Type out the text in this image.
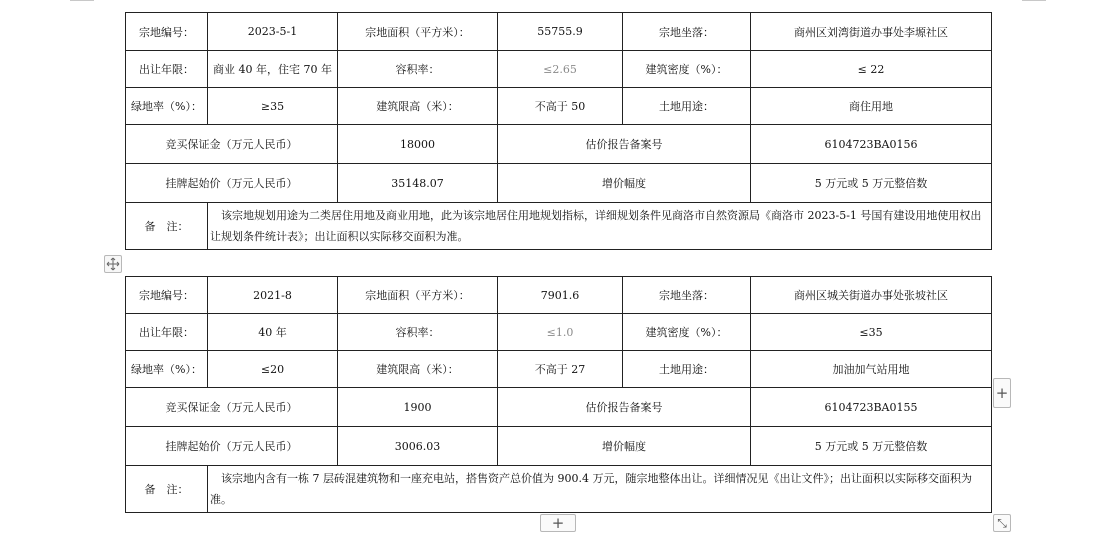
宗地编号：	2023-5-1	宗地面积（平方米）：	55755.9	宗地坐落：	商州区刘湾街道办事处李塬社区
出让年限：	商业 40 年，住宅 70 年	容积率：	≤2.65	建筑密度（%）：	≤ 22
绿地率（%）：	≥35	建筑限高（米）：	不高于 50	土地用途：	商住用地
竞买保证金（万元人民币）		18000	估价报告备案号		6104723BA0156
挂牌起始价（万元人民币）		35148.07	增价幅度		5 万元或 5 万元整倍数
备　注：	该宗地规划用途为二类居住用地及商业用地，此为该宗地居住用地规划指标，详细规划条件见商洛市自然资源局《商洛市 2023-5-1 号国有建设用地使用权出让规划条件统计表》；出让面积以实际移交面积为准。				
宗地编号：	2021-8	宗地面积（平方米）：	7901.6	宗地坐落：	商州区城关街道办事处张坡社区
出让年限：	40 年	容积率：	≤1.0	建筑密度（%）：	≤35
绿地率（%）：	≤20	建筑限高（米）：	不高于 27	土地用途：	加油加气站用地
竞买保证金（万元人民币）		1900	估价报告备案号		6104723BA0155
挂牌起始价（万元人民币）		3006.03	增价幅度		5 万元或 5 万元整倍数
备　注：	该宗地内含有一栋 7 层砖混建筑物和一座充电站，搭售资产总价值为 900.4 万元，随宗地整体出让。详细情况见《出让文件》；出让面积以实际移交面积为准。				
+
+	⤡
